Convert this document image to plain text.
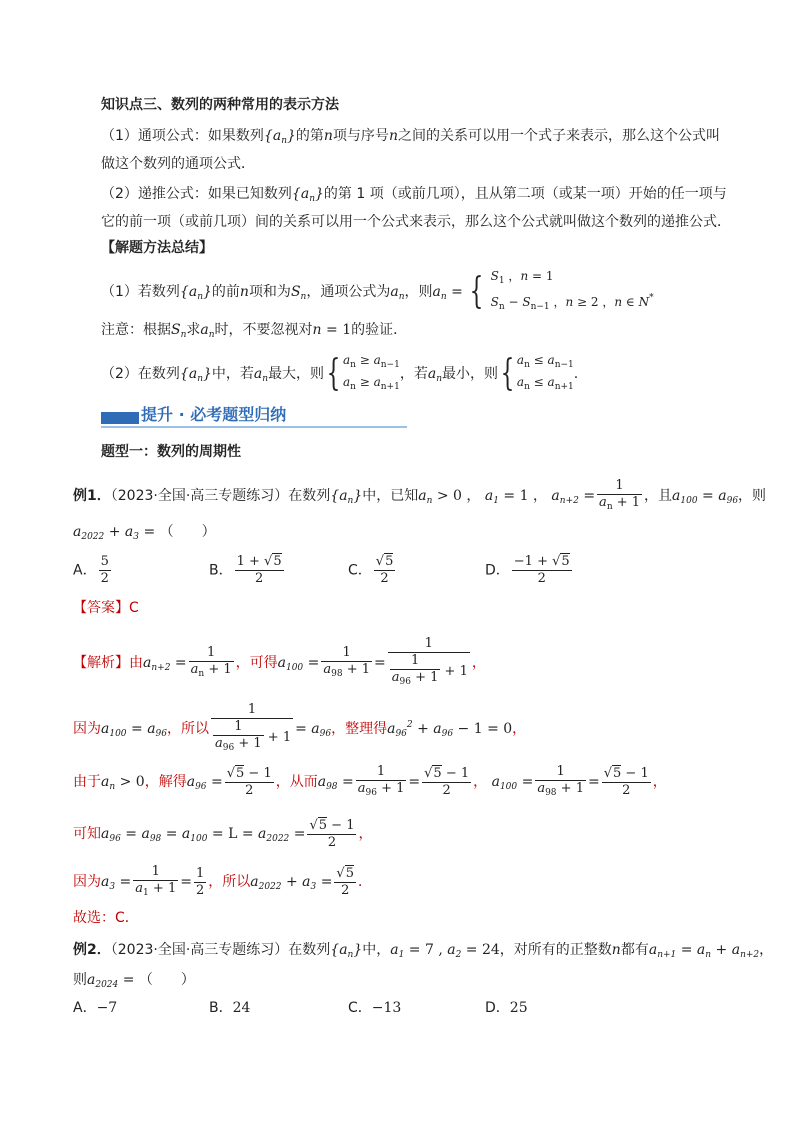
知识点三、数列的两种常用的表示方法
（1）通项公式：如果数列$\{a_n\}$的第n项与序号n之间的关系可以用一个式子来表示，那么这个公式叫
做这个数列的通项公式．
（2）递推公式：如果已知数列$\{a_n\}$的第 1 项（或前几项），且从第二项（或某一项）开始的任一项与
它的前一项（或前几项）间的关系可以用一个公式来表示，那么这个公式就叫做这个数列的递推公式．
【解题方法总结】
（1）若数列$\{a_n\}$的前n项和为$S_n$，通项公式为$a_n$，则$a_n$ = { $S_1$ ，n = 1
$S_n - S_{n-1}$ ，n ≥ 2 ，n ∈ N*
注意：根据$S_n$求$a_n$时，不要忽视对n = 1的验证．
（2）在数列$\{a_n\}$中，若$a_n$最大，则{ $a_n \ge a_{n-1}$
$a_n \ge a_{n+1}$
，若$a_n$最小，则{ $a_n \le a_{n-1}$
$a_n \le a_{n+1}$
.
提升 · 必考题型归纳
题型一：数列的周期性
例1．（2023·全国·高三专题练习）在数列$\{a_n\}$中，已知$a_n > 0$ ， $a_1 = 1$ ， $a_{n+2} = \frac{1}{a_n + 1}$ ，且$a_{100} = a_{96}$，则
$a_{2022} + a_3$ = （　　）
A． $\frac{5}{2}$	B． $\frac{1 + √5}{2}$	C． $\frac{√5}{2}$	D． $\frac{-1 + √5}{2}$
【答案】C
【解析】由$a_{n+2} = \frac{1}{a_n + 1}$ ，可得$a_{100} = \frac{1}{a_{98} + 1} = \frac{1}{\frac{1}{a_{96} + 1} + 1}$ ，
因为$a_{100} = a_{96}$，所以 $\frac{1}{\frac{1}{a_{96} + 1} + 1} = a_{96}$，整理得$a_{96}^2 + a_{96} - 1 = 0$，
由于$a_n > 0$，解得$a_{96} = \frac{√5 - 1}{2}$ ，从而$a_{98} = \frac{1}{a_{96} + 1} = \frac{√5 - 1}{2}$ ， $a_{100} = \frac{1}{a_{98} + 1} = \frac{√5 - 1}{2}$ ，
可知$a_{96} = a_{98} = a_{100} = L = a_{2022} = \frac{√5 - 1}{2}$ ，
因为$a_3 = \frac{1}{a_1 + 1} = \frac{1}{2}$ ，所以$a_{2022} + a_3 = \frac{√5}{2}$ ．
故选：C．
例2．（2023·全国·高三专题练习）在数列$\{a_n\}$中，$a_1 = 7$ , $a_2 = 24$，对所有的正整数n都有$a_{n+1} = a_n + a_{n+2}$，
则$a_{2024}$ = （　　）
A．−7	B．24	C．−13	D．25
